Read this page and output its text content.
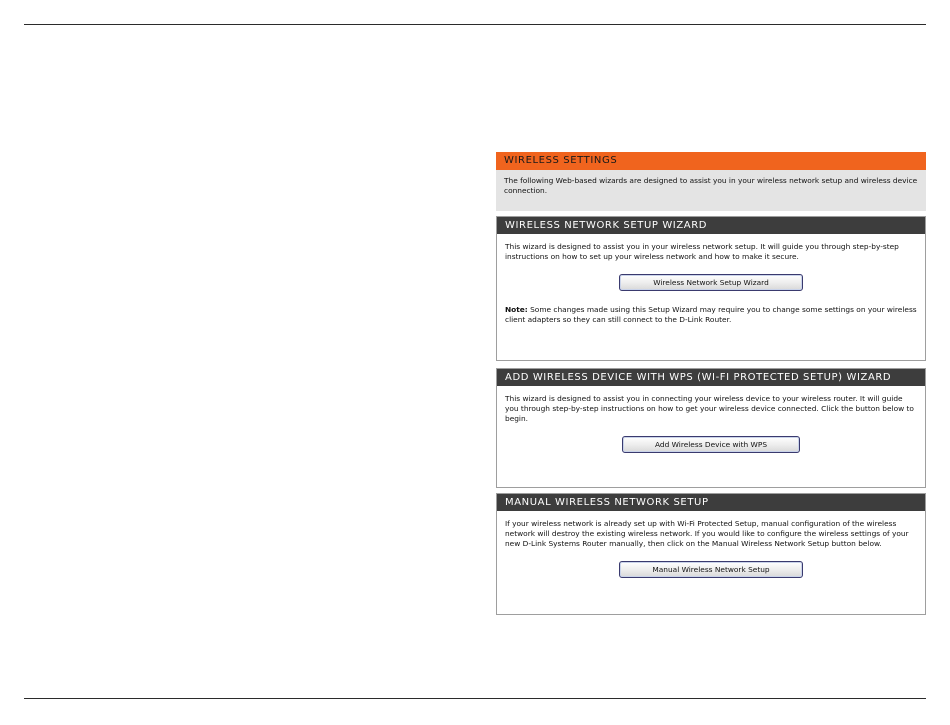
WIRELESS SETTINGS

The following Web-based wizards are designed to assist you in your wireless network setup and wireless device connection.

WIRELESS NETWORK SETUP WIZARD

This wizard is designed to assist you in your wireless network setup. It will guide you through step-by-step instructions on how to set up your wireless network and how to make it secure.

Wireless Network Setup Wizard

Note: Some changes made using this Setup Wizard may require you to change some settings on your wireless client adapters so they can still connect to the D-Link Router.

ADD WIRELESS DEVICE WITH WPS (WI-FI PROTECTED SETUP) WIZARD

This wizard is designed to assist you in connecting your wireless device to your wireless router. It will guide you through step-by-step instructions on how to get your wireless device connected. Click the button below to begin.

Add Wireless Device with WPS
MANUAL WIRELESS NETWORK SETUP

If your wireless network is already set up with Wi-Fi Protected Setup, manual configuration of the wireless network will destroy the existing wireless network. If you would like to configure the wireless settings of your new D-Link Systems Router manually, then click on the Manual Wireless Network Setup button below.

Manual Wireless Network Setup
